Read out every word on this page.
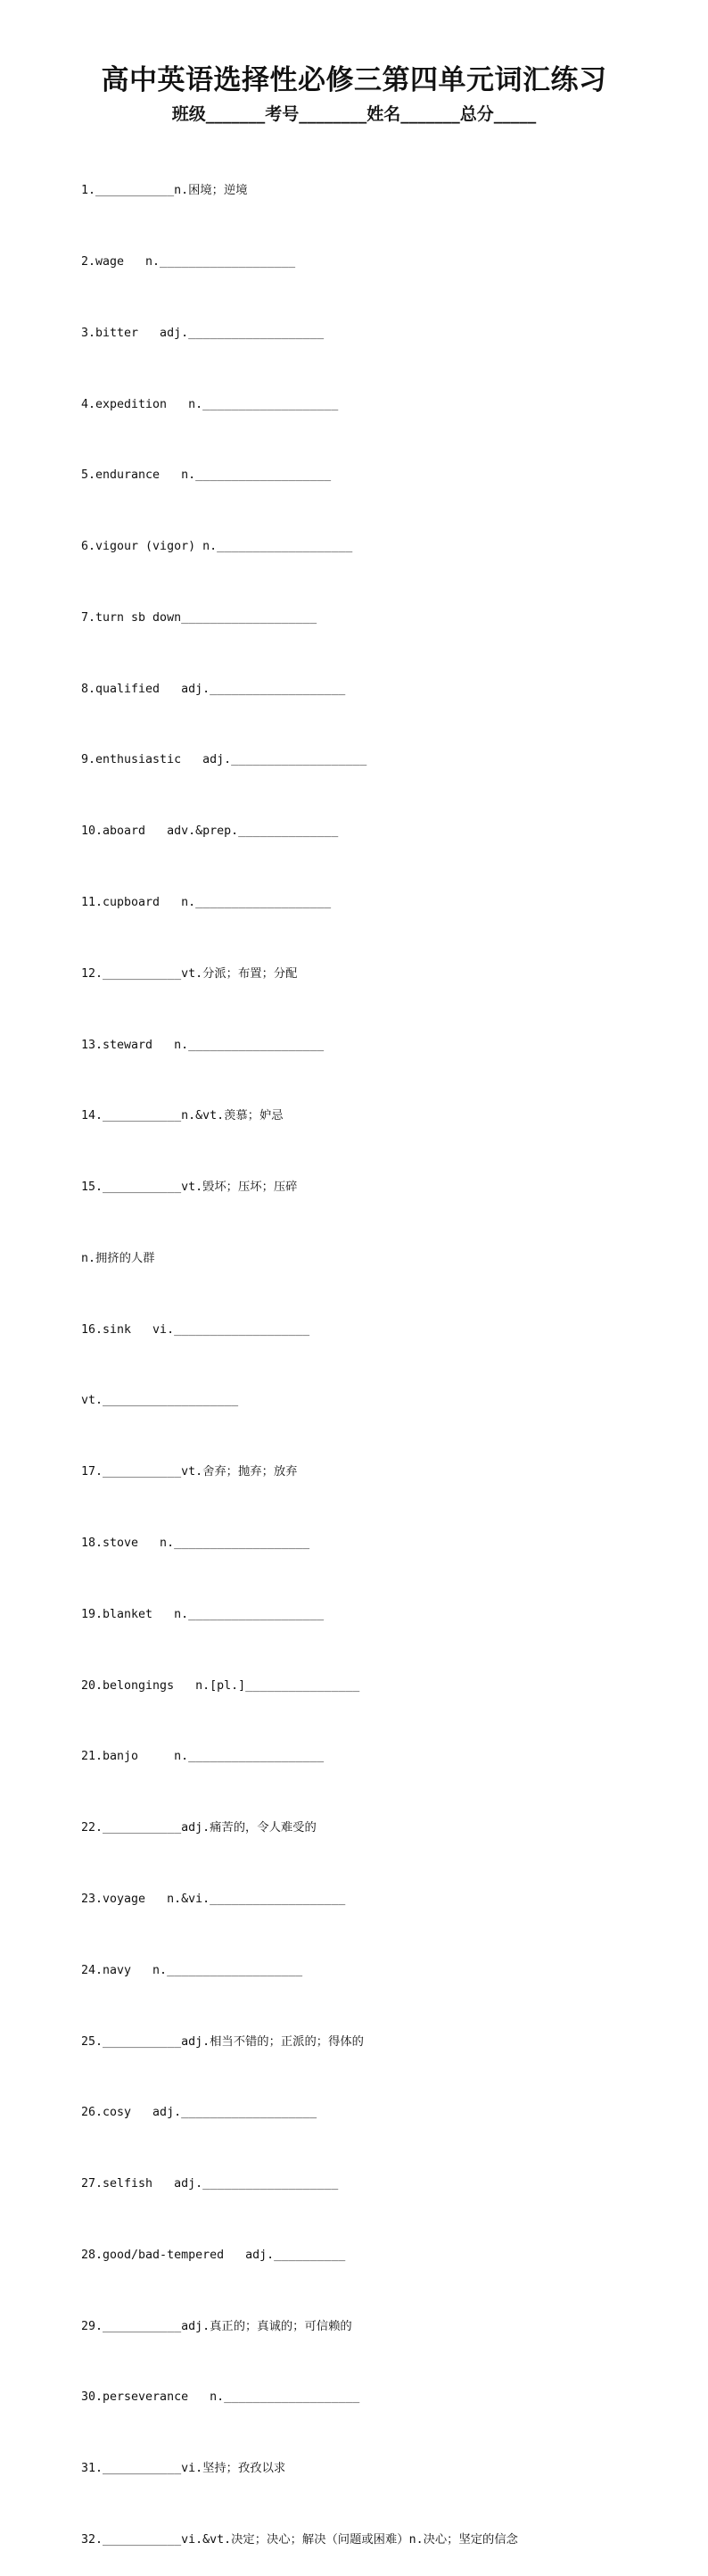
高中英语选择性必修三第四单元词汇练习
班级_______考号________姓名_______总分_____

1.___________n.困境；逆境

2.wage   n.___________________

3.bitter   adj.___________________

4.expedition   n.___________________

5.endurance   n.___________________

6.vigour (vigor) n.___________________

7.turn sb down___________________

8.qualified   adj.___________________

9.enthusiastic   adj.___________________

10.aboard   adv.&prep.______________

11.cupboard   n.___________________

12.___________vt.分派；布置；分配

13.steward   n.___________________

14.___________n.&vt.羡慕；妒忌

15.___________vt.毁坏；压坏；压碎

n.拥挤的人群

16.sink   vi.___________________

vt.___________________

17.___________vt.舍弃；抛弃；放弃

18.stove   n.___________________

19.blanket   n.___________________

20.belongings   n.[pl.]________________

21.banjo     n.___________________

22.___________adj.痛苦的，令人难受的

23.voyage   n.&vi.___________________

24.navy   n.___________________

25.___________adj.相当不错的；正派的；得体的

26.cosy   adj.___________________

27.selfish   adj.___________________

28.good/bad-tempered   adj.__________

29.___________adj.真正的；真诚的；可信赖的

30.perseverance   n.___________________

31.___________vi.坚持；孜孜以求

32.___________vi.&vt.决定；决心；解决（问题或困难）n.决心；坚定的信念
